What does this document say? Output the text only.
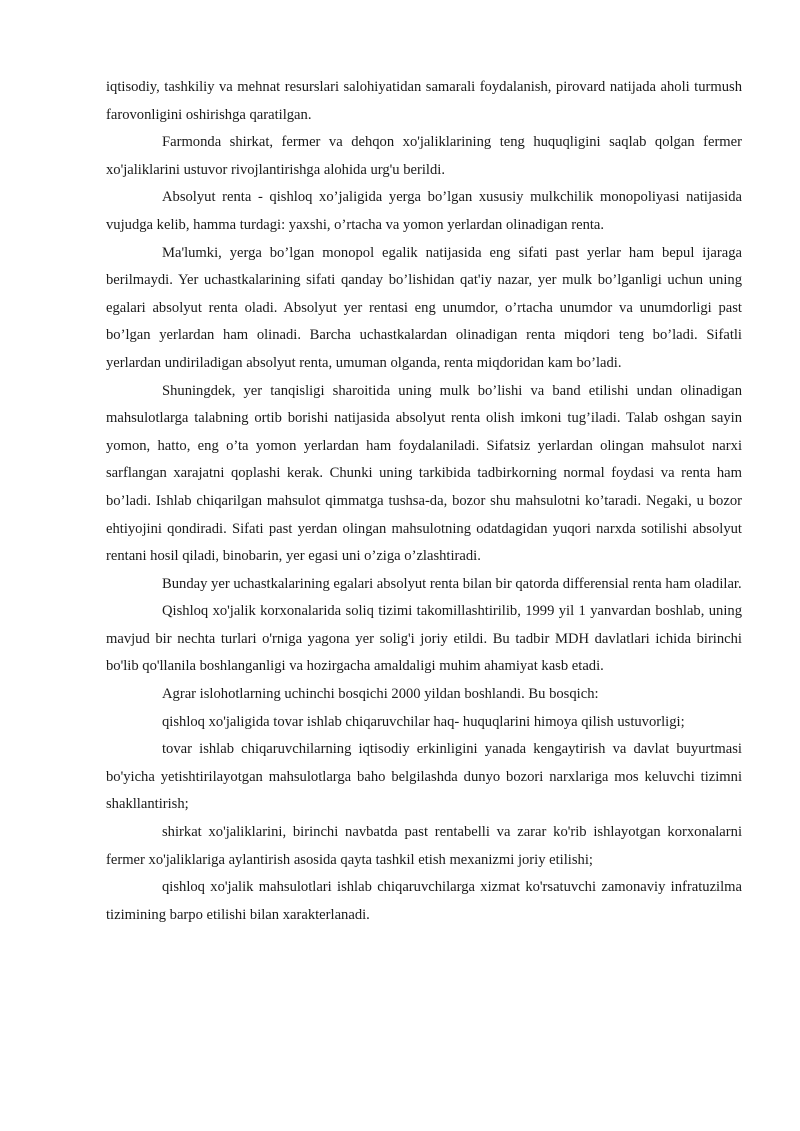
iqtisodiy, tashkiliy va mehnat resurslari salohiyatidan samarali foydalanish, pirovard natijada aholi turmush farovonligini oshirishga qaratilgan.

Farmonda shirkat, fermer va dehqon xo'jaliklarining teng huquqligini saqlab qolgan fermer xo'jaliklarini ustuvor rivojlantirishga alohida urg'u berildi.

Absolyut renta - qishloq xo’jaligida yerga bo’lgan xususiy mulkchilik monopoliyasi natijasida vujudga kelib, hamma turdagi: yaxshi, o’rtacha va yomon yerlardan olinadigan renta.

Ma'lumki, yerga bo’lgan monopol egalik natijasida eng sifati past yerlar ham bepul ijaraga berilmaydi. Yer uchastkalarining sifati qanday bo’lishidan qat'iy nazar, yer mulk bo’lganligi uchun uning egalari absolyut renta oladi. Absolyut yer rentasi eng unumdor, o’rtacha unumdor va unumdorligi past bo’lgan yerlardan ham olinadi. Barcha uchastkalardan olinadigan renta miqdori teng bo’ladi. Sifatli yerlardan undiriladigan absolyut renta, umuman olganda, renta miqdoridan kam bo’ladi.

Shuningdek, yer tanqisligi sharoitida uning mulk bo’lishi va band etilishi undan olinadigan mahsulotlarga talabning ortib borishi natijasida absolyut renta olish imkoni tug’iladi. Talab oshgan sayin yomon, hatto, eng o’ta yomon yerlardan ham foydalaniladi. Sifatsiz yerlardan olingan mahsulot narxi sarflangan xarajatni qoplashi kerak. Chunki uning tarkibida tadbirkorning normal foydasi va renta ham bo’ladi. Ishlab chiqarilgan mahsulot qimmatga tushsa-da, bozor shu mahsulotni ko’taradi. Negaki, u bozor ehtiyojini qondiradi. Sifati past yerdan olingan mahsulotning odatdagidan yuqori narxda sotilishi absolyut rentani hosil qiladi, binobarin, yer egasi uni o’ziga o’zlashtiradi.

Bunday yer uchastkalarining egalari absolyut renta bilan bir qatorda differensial renta ham oladilar.

Qishloq xo'jalik korxonalarida soliq tizimi takomillashtirilib, 1999 yil 1 yanvardan boshlab, uning mavjud bir nechta turlari o'rniga yagona yer solig'i joriy etildi. Bu tadbir MDH davlatlari ichida birinchi bo'lib qo'llanila boshlanganligi va hozirgacha amaldaligi muhim ahamiyat kasb etadi.

Agrar islohotlarning uchinchi bosqichi 2000 yildan boshlandi. Bu bosqich:

qishloq xo'jaligida tovar ishlab chiqaruvchilar haq- huquqlarini himoya qilish ustuvorligi;

tovar ishlab chiqaruvchilarning iqtisodiy erkinligini yanada kengaytirish va davlat buyurtmasi bo'yicha yetishtirilayotgan mahsulotlarga baho belgilashda dunyo bozori narxlariga mos keluvchi tizimni shakllantirish;

shirkat xo'jaliklarini, birinchi navbatda past rentabelli va zarar ko'rib ishlayotgan korxonalarni fermer xo'jaliklariga aylantirish asosida qayta tashkil etish mexanizmi joriy etilishi;

qishloq xo'jalik mahsulotlari ishlab chiqaruvchilarga xizmat ko'rsatuvchi zamonaviy infratuzilma tizimining barpo etilishi bilan xarakterlanadi.
